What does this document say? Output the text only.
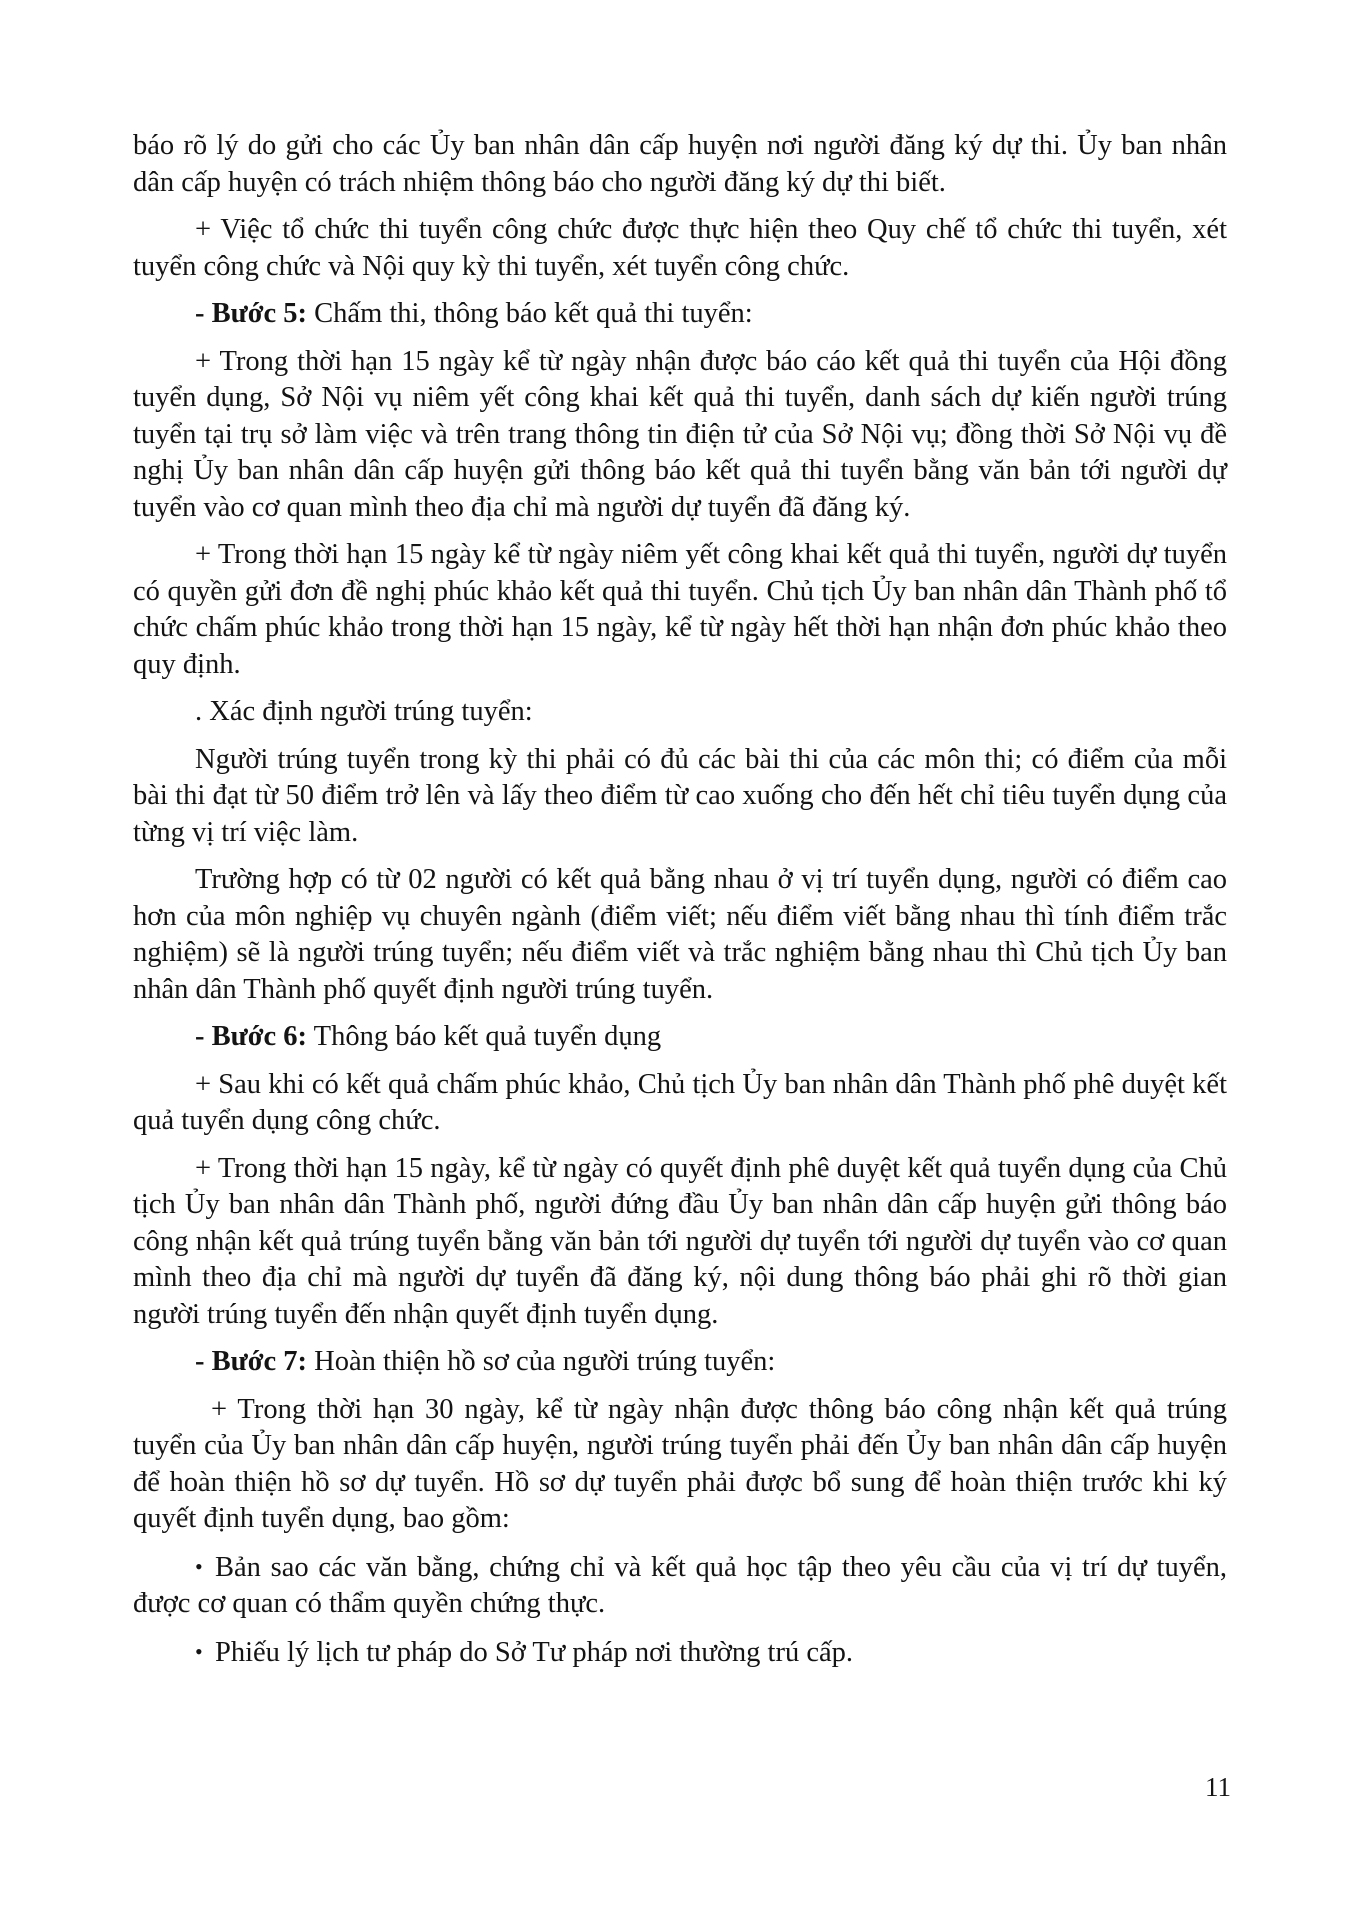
báo rõ lý do gửi cho các Ủy ban nhân dân cấp huyện nơi người đăng ký dự thi. Ủy ban nhân dân cấp huyện có trách nhiệm thông báo cho người đăng ký dự thi biết.

+ Việc tổ chức thi tuyển công chức được thực hiện theo Quy chế tổ chức thi tuyển, xét tuyển công chức và Nội quy kỳ thi tuyển, xét tuyển công chức.

- Bước 5: Chấm thi, thông báo kết quả thi tuyển:

+ Trong thời hạn 15 ngày kể từ ngày nhận được báo cáo kết quả thi tuyển của Hội đồng tuyển dụng, Sở Nội vụ niêm yết công khai kết quả thi tuyển, danh sách dự kiến người trúng tuyển tại trụ sở làm việc và trên trang thông tin điện tử của Sở Nội vụ; đồng thời Sở Nội vụ đề nghị Ủy ban nhân dân cấp huyện gửi thông báo kết quả thi tuyển bằng văn bản tới người dự tuyển vào cơ quan mình theo địa chỉ mà người dự tuyển đã đăng ký.

+ Trong thời hạn 15 ngày kể từ ngày niêm yết công khai kết quả thi tuyển, người dự tuyển có quyền gửi đơn đề nghị phúc khảo kết quả thi tuyển. Chủ tịch Ủy ban nhân dân Thành phố tổ chức chấm phúc khảo trong thời hạn 15 ngày, kể từ ngày hết thời hạn nhận đơn phúc khảo theo quy định.

. Xác định người trúng tuyển:

Người trúng tuyển trong kỳ thi phải có đủ các bài thi của các môn thi; có điểm của mỗi bài thi đạt từ 50 điểm trở lên và lấy theo điểm từ cao xuống cho đến hết chỉ tiêu tuyển dụng của từng vị trí việc làm.

Trường hợp có từ 02 người có kết quả bằng nhau ở vị trí tuyển dụng, người có điểm cao hơn của môn nghiệp vụ chuyên ngành (điểm viết; nếu điểm viết bằng nhau thì tính điểm trắc nghiệm) sẽ là người trúng tuyển; nếu điểm viết và trắc nghiệm bằng nhau thì Chủ tịch Ủy ban nhân dân Thành phố quyết định người trúng tuyển.

- Bước 6: Thông báo kết quả tuyển dụng

+ Sau khi có kết quả chấm phúc khảo, Chủ tịch Ủy ban nhân dân Thành phố phê duyệt kết quả tuyển dụng công chức.

+ Trong thời hạn 15 ngày, kể từ ngày có quyết định phê duyệt kết quả tuyển dụng của Chủ tịch Ủy ban nhân dân Thành phố, người đứng đầu Ủy ban nhân dân cấp huyện gửi thông báo công nhận kết quả trúng tuyển bằng văn bản tới người dự tuyển tới người dự tuyển vào cơ quan mình theo địa chỉ mà người dự tuyển đã đăng ký, nội dung thông báo phải ghi rõ thời gian người trúng tuyển đến nhận quyết định tuyển dụng.

- Bước 7: Hoàn thiện hồ sơ của người trúng tuyển:

+ Trong thời hạn 30 ngày, kể từ ngày nhận được thông báo công nhận kết quả trúng tuyển của Ủy ban nhân dân cấp huyện, người trúng tuyển phải đến Ủy ban nhân dân cấp huyện để hoàn thiện hồ sơ dự tuyển. Hồ sơ dự tuyển phải được bổ sung để hoàn thiện trước khi ký quyết định tuyển dụng, bao gồm:

• Bản sao các văn bằng, chứng chỉ và kết quả học tập theo yêu cầu của vị trí dự tuyển, được cơ quan có thẩm quyền chứng thực.

• Phiếu lý lịch tư pháp do Sở Tư pháp nơi thường trú cấp.

11
